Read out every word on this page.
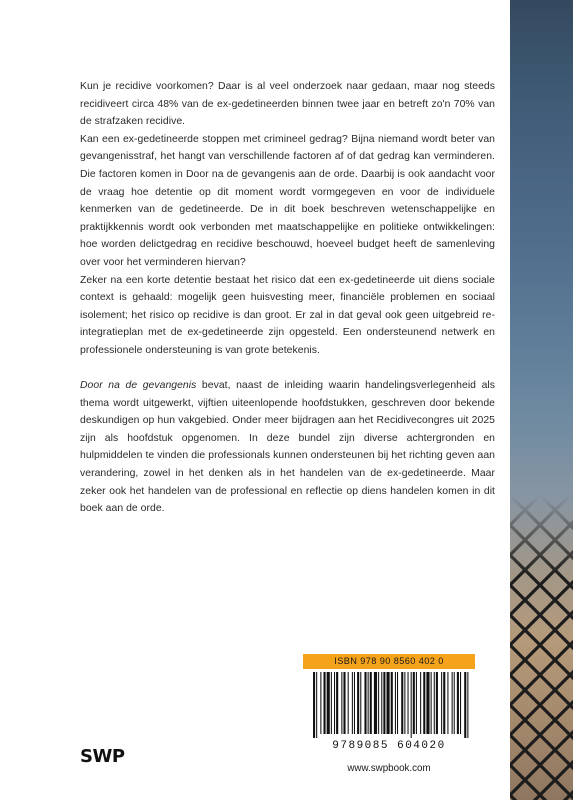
Kun je recidive voorkomen? Daar is al veel onderzoek naar gedaan, maar nog steeds recidiveert circa 48% van de ex-gedetineerden binnen twee jaar en betreft zo'n 70% van de strafzaken recidive.

Kan een ex-gedetineerde stoppen met crimineel gedrag? Bijna niemand wordt beter van gevangenisstraf, het hangt van verschillende factoren af of dat gedrag kan verminderen. Die factoren komen in Door na de gevangenis aan de orde. Daarbij is ook aandacht voor de vraag hoe detentie op dit moment wordt vormgegeven en voor de individuele kenmerken van de gedetineerde. De in dit boek beschreven wetenschappelijke en praktijkkennis wordt ook verbonden met maatschappelijke en politieke ontwikkelingen: hoe worden delictgedrag en recidive beschouwd, hoeveel budget heeft de samenleving over voor het verminderen hiervan?

Zeker na een korte detentie bestaat het risico dat een ex-gedetineerde uit diens sociale context is gehaald: mogelijk geen huisvesting meer, financiële problemen en sociaal isolement; het risico op recidive is dan groot. Er zal in dat geval ook geen uitgebreid re-integratieplan met de ex-gedetineerde zijn opgesteld. Een ondersteunend netwerk en professionele ondersteuning is van grote betekenis.

Door na de gevangenis bevat, naast de inleiding waarin handelingsverlegenheid als thema wordt uitgewerkt, vijftien uiteenlopende hoofdstukken, geschreven door bekende deskundigen op hun vakgebied. Onder meer bijdragen aan het Recidivecongres uit 2025 zijn als hoofdstuk opgenomen. In deze bundel zijn diverse achtergronden en hulpmiddelen te vinden die professionals kunnen ondersteunen bij het richting geven aan verandering, zowel in het denken als in het handelen van de ex-gedetineerde. Maar zeker ook het handelen van de professional en reflectie op diens handelen komen in dit boek aan de orde.

ISBN 978 90 8560 402 0
9789085 604020
www.swpbook.com
SWP
